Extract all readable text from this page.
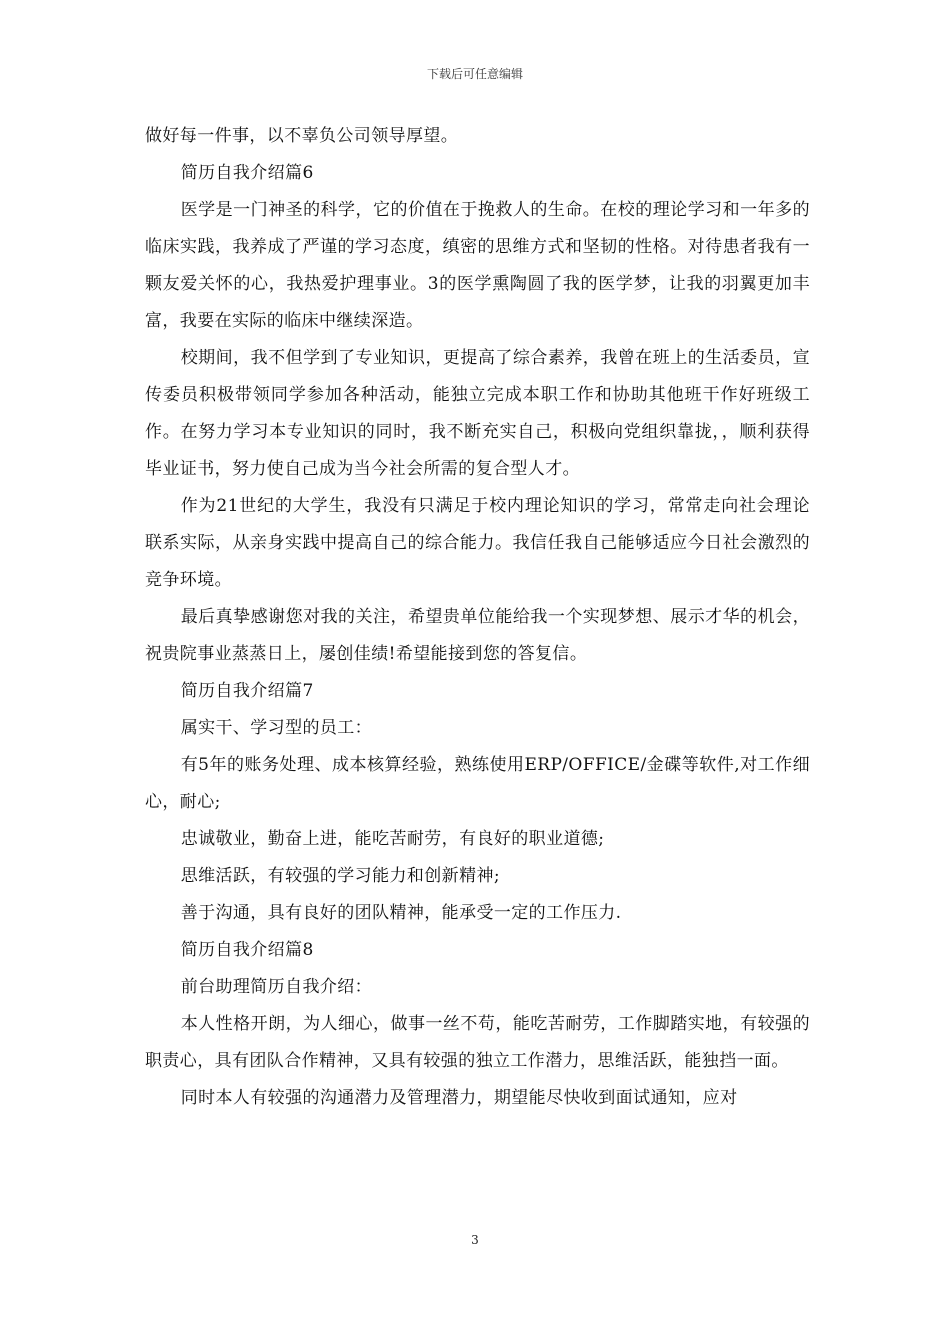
下载后可任意编辑

做好每一件事，以不辜负公司领导厚望。

简历自我介绍篇6

医学是一门神圣的科学，它的价值在于挽救人的生命。在校的理论学习和一年多的临床实践，我养成了严谨的学习态度，缜密的思维方式和坚韧的性格。对待患者我有一颗友爱关怀的心，我热爱护理事业。3的医学熏陶圆了我的医学梦，让我的羽翼更加丰富，我要在实际的临床中继续深造。

校期间，我不但学到了专业知识，更提高了综合素养，我曾在班上的生活委员，宣传委员积极带领同学参加各种活动，能独立完成本职工作和协助其他班干作好班级工作。在努力学习本专业知识的同时，我不断充实自己，积极向党组织靠拢，，顺利获得毕业证书，努力使自己成为当今社会所需的复合型人才。

作为21世纪的大学生，我没有只满足于校内理论知识的学习，常常走向社会理论联系实际，从亲身实践中提高自己的综合能力。我信任我自己能够适应今日社会激烈的竞争环境。

最后真挚感谢您对我的关注，希望贵单位能给我一个实现梦想、展示才华的机会，祝贵院事业蒸蒸日上，屡创佳绩!希望能接到您的答复信。

简历自我介绍篇7

属实干、学习型的员工：

有5年的账务处理、成本核算经验，熟练使用ERP/OFFICE/金碟等软件,对工作细心，耐心;

忠诚敬业，勤奋上进，能吃苦耐劳，有良好的职业道德;

思维活跃，有较强的学习能力和创新精神;

善于沟通，具有良好的团队精神，能承受一定的工作压力.

简历自我介绍篇8

前台助理简历自我介绍：

本人性格开朗，为人细心，做事一丝不苟，能吃苦耐劳，工作脚踏实地，有较强的职责心，具有团队合作精神，又具有较强的独立工作潜力，思维活跃，能独挡一面。

同时本人有较强的沟通潜力及管理潜力，期望能尽快收到面试通知，应对

3
